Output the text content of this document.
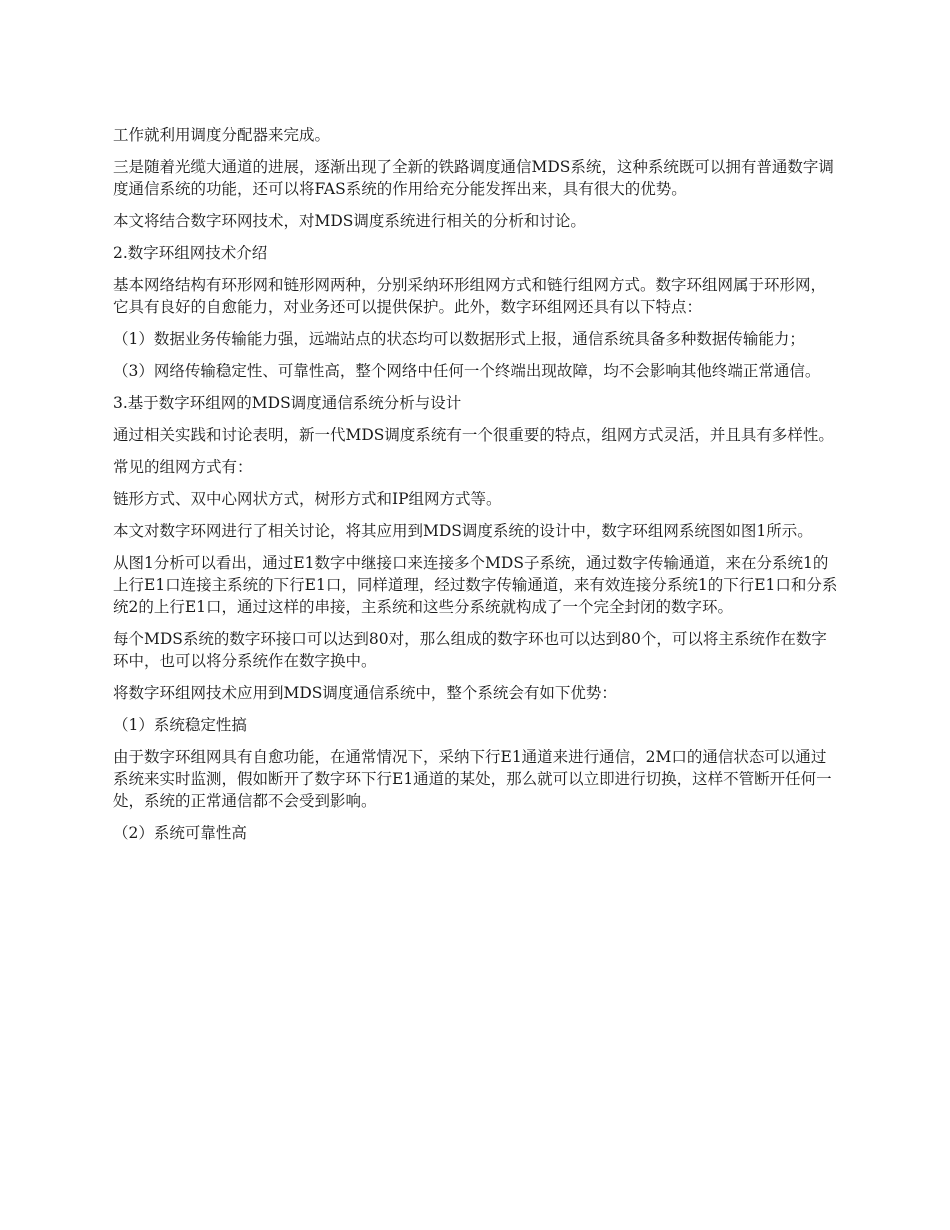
工作就利用调度分配器来完成。

三是随着光缆大通道的进展，逐渐出现了全新的铁路调度通信MDS系统，这种系统既可以拥有普通数字调度通信系统的功能，还可以将FAS系统的作用给充分能发挥出来，具有很大的优势。

本文将结合数字环网技术，对MDS调度系统进行相关的分析和讨论。

2.数字环组网技术介绍

基本网络结构有环形网和链形网两种，分别采纳环形组网方式和链行组网方式。数字环组网属于环形网，它具有良好的自愈能力，对业务还可以提供保护。此外，数字环组网还具有以下特点：

（1）数据业务传输能力强，远端站点的状态均可以数据形式上报，通信系统具备多种数据传输能力；

（3）网络传输稳定性、可靠性高，整个网络中任何一个终端出现故障，均不会影响其他终端正常通信。

3.基于数字环组网的MDS调度通信系统分析与设计

通过相关实践和讨论表明，新一代MDS调度系统有一个很重要的特点，组网方式灵活，并且具有多样性。

常见的组网方式有：

链形方式、双中心网状方式，树形方式和IP组网方式等。

本文对数字环网进行了相关讨论，将其应用到MDS调度系统的设计中，数字环组网系统图如图1所示。

从图1分析可以看出，通过E1数字中继接口来连接多个MDS子系统，通过数字传输通道，来在分系统1的上行E1口连接主系统的下行E1口，同样道理，经过数字传输通道，来有效连接分系统1的下行E1口和分系统2的上行E1口，通过这样的串接，主系统和这些分系统就构成了一个完全封闭的数字环。

每个MDS系统的数字环接口可以达到80对，那么组成的数字环也可以达到80个，可以将主系统作在数字环中，也可以将分系统作在数字换中。

将数字环组网技术应用到MDS调度通信系统中，整个系统会有如下优势：

（1）系统稳定性搞

由于数字环组网具有自愈功能，在通常情况下，采纳下行E1通道来进行通信，2M口的通信状态可以通过系统来实时监测，假如断开了数字环下行E1通道的某处，那么就可以立即进行切换，这样不管断开任何一处，系统的正常通信都不会受到影响。

（2）系统可靠性高
